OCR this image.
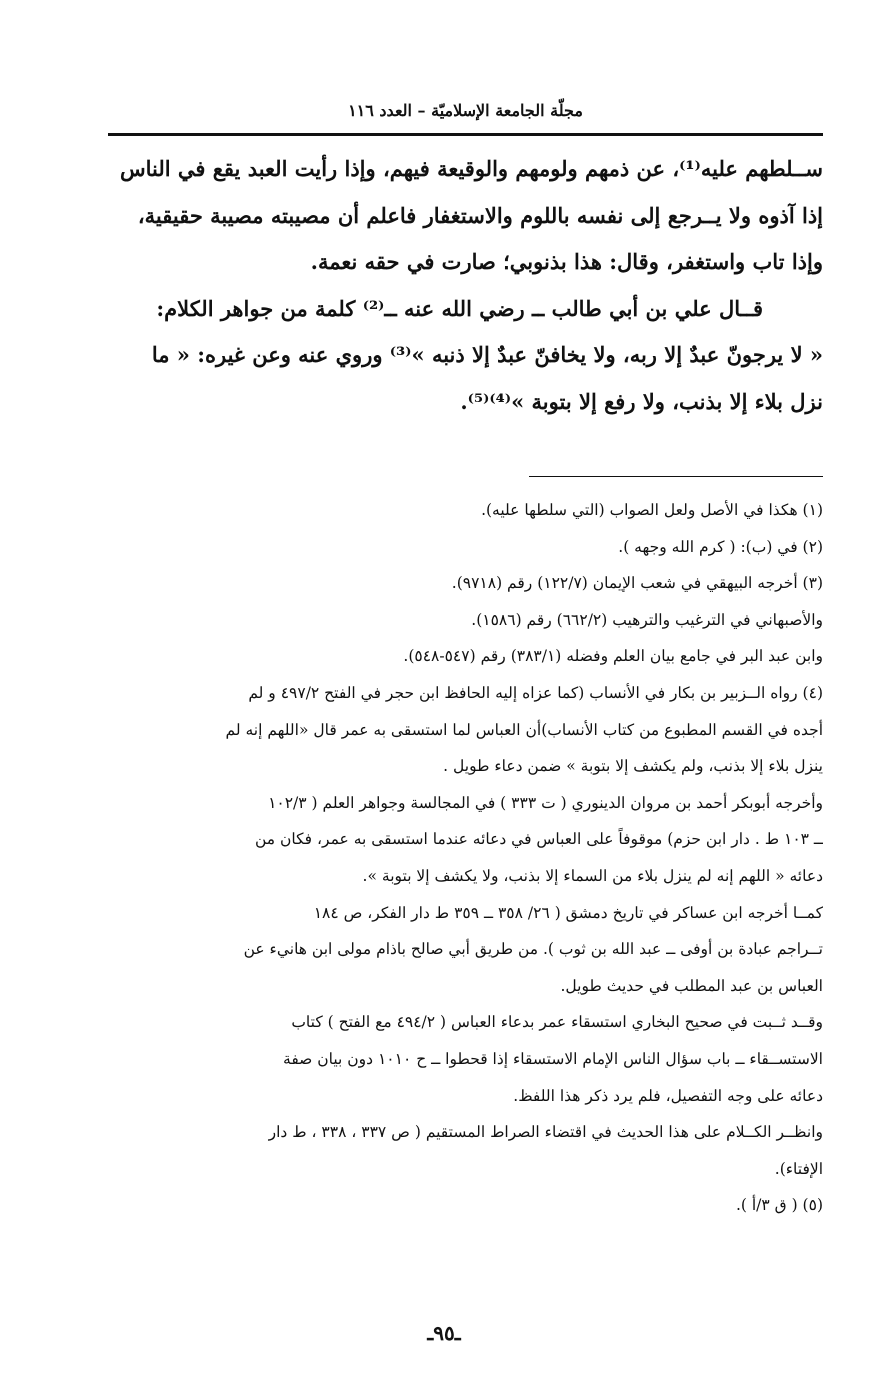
مجلّة الجامعة الإسلاميّة – العدد ١١٦

ســلطهم عليه⁽¹⁾، عن ذمهم ولومهم والوقيعة فيهم، وإذا رأيت العبد يقع في الناس

إذا آذوه ولا يــرجع إلى نفسه باللوم والاستغفار فاعلم أن مصيبته مصيبة حقيقية،

وإذا تاب واستغفر، وقال: هذا بذنوبي؛ صارت في حقه نعمة.

قــال علي بن أبي طالب ــ رضي الله عنه ــ⁽²⁾ كلمة من جواهر الكلام:

« لا يرجونّ عبدٌ إلا ربه، ولا يخافنّ عبدٌ إلا ذنبه »⁽³⁾ وروي عنه وعن غيره: « ما

نزل بلاء إلا بذنب، ولا رفع إلا بتوبة »⁽⁴⁾⁽⁵⁾.

(١) هكذا في الأصل ولعل الصواب (التي سلطها عليه).

(٢) في (ب): ( كرم الله وجهه ).

(٣) أخرجه البيهقي في شعب الإيمان (١٢٢/٧) رقم (٩٧١٨).

والأصبهاني في الترغيب والترهيب (٦٦٢/٢) رقم (١٥٨٦).

وابن عبد البر في جامع بيان العلم وفضله (٣٨٣/١) رقم (٥٤٧-٥٤٨).

(٤) رواه الــزبير بن بكار في الأنساب (كما عزاه إليه الحافظ ابن حجر في الفتح ٤٩٧/٢ و لم

أجده في القسم المطبوع من كتاب الأنساب)أن العباس لما استسقى به عمر قال «اللهم إنه لم

ينزل بلاء إلا بذنب، ولم يكشف إلا بتوبة » ضمن دعاء طويل .

وأخرجه أبوبكر أحمد بن مروان الدينوري ( ت ٣٣٣ ) في المجالسة وجواهر العلم ( ١٠٢/٣

ــ ١٠٣ ط . دار ابن حزم) موقوفاً على العباس في دعائه عندما استسقى به عمر، فكان من

دعائه « اللهم إنه لم ينزل بلاء من السماء إلا بذنب، ولا يكشف إلا بتوبة ».

كمــا أخرجه ابن عساكر في تاريخ دمشق ( ٢٦/ ٣٥٨ ــ ٣٥٩ ط دار الفكر، ص ١٨٤

تــراجم عبادة بن أوفى ــ عبد الله بن ثوب ). من طريق أبي صالح باذام مولى ابن هانيء عن

العباس بن عبد المطلب في حديث طويل.

وقــد ثــبت في صحيح البخاري استسقاء عمر بدعاء العباس ( ٤٩٤/٢ مع الفتح ) كتاب

الاستســقاء ــ باب سؤال الناس الإمام الاستسقاء إذا قحطوا ــ ح ١٠١٠ دون بيان صفة

دعائه على وجه التفصيل، فلم يرد ذكر هذا اللفظ.

وانظــر الكــلام على هذا الحديث في اقتضاء الصراط المستقيم ( ص ٣٣٧ ، ٣٣٨ ، ط دار

الإفتاء).

(٥) ( ق ٣/أ ).

ـ٩٥ـ
